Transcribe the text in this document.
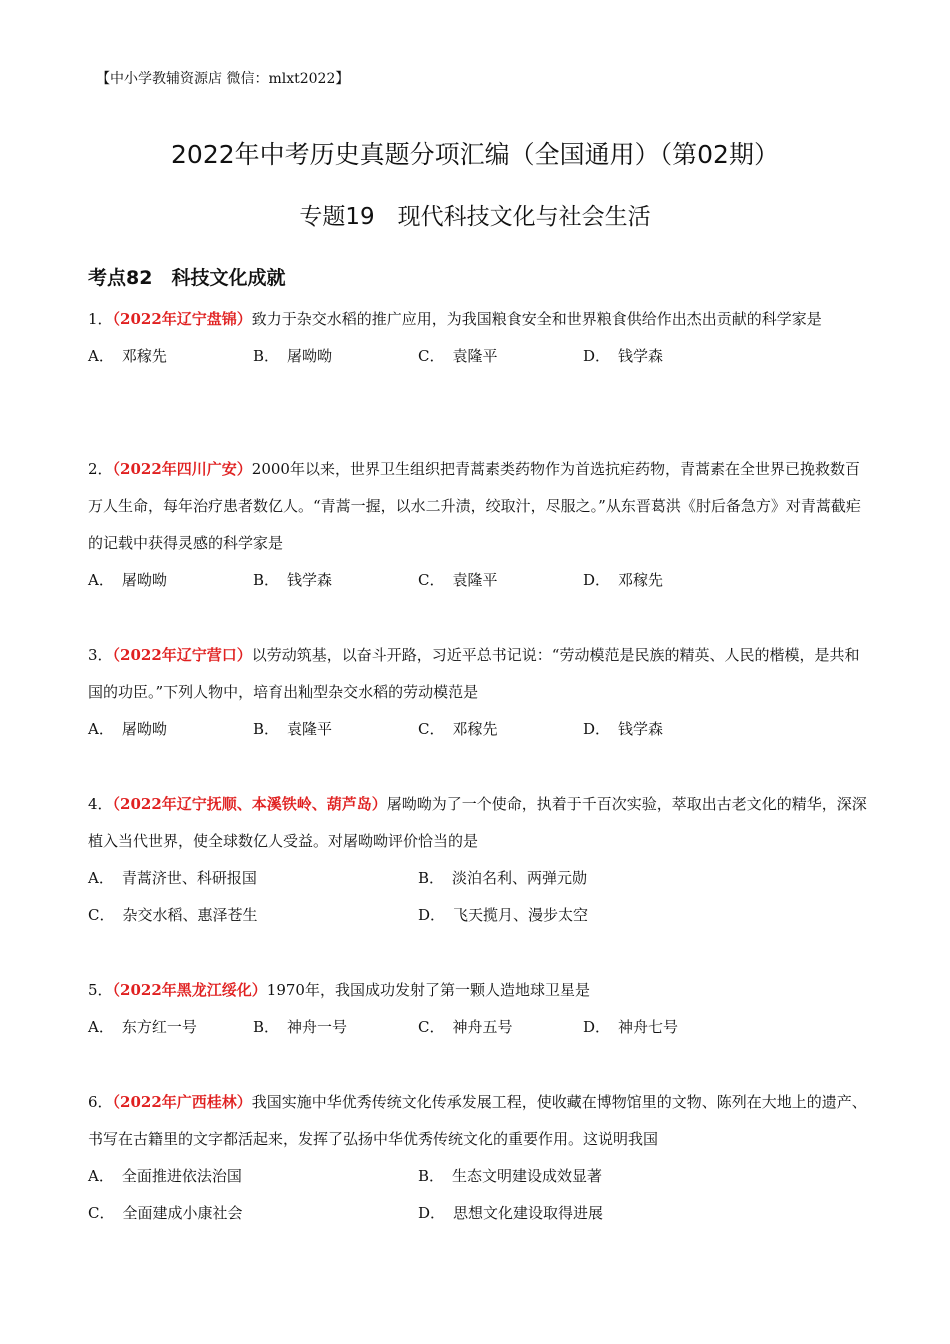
【中小学教辅资源店 微信：mlxt2022】
2022年中考历史真题分项汇编（全国通用）（第02期）
专题19　现代科技文化与社会生活
考点82　科技文化成就

1．（2022年辽宁盘锦）致力于杂交水稻的推广应用，为我国粮食安全和世界粮食供给作出杰出贡献的科学家是

A． 邓稼先	B． 屠呦呦	C． 袁隆平	D． 钱学森

2．（2022年四川广安）2000年以来，世界卫生组织把青蒿素类药物作为首选抗疟药物，青蒿素在全世界已挽救数百万人生命，每年治疗患者数亿人。“青蒿一握，以水二升渍，绞取汁，尽服之。”从东晋葛洪《肘后备急方》对青蒿截疟的记载中获得灵感的科学家是

A． 屠呦呦	B． 钱学森	C． 袁隆平	D． 邓稼先

3．（2022年辽宁营口）以劳动筑基，以奋斗开路，习近平总书记说：“劳动模范是民族的精英、人民的楷模，是共和国的功臣。”下列人物中，培育出籼型杂交水稻的劳动模范是

A． 屠呦呦	B． 袁隆平	C． 邓稼先	D． 钱学森

4．（2022年辽宁抚顺、本溪铁岭、葫芦岛）屠呦呦为了一个使命，执着于千百次实验，萃取出古老文化的精华，深深植入当代世界，使全球数亿人受益。对屠呦呦评价恰当的是

A． 青蒿济世、科研报国	B． 淡泊名利、两弹元勋
C． 杂交水稻、惠泽苍生	D． 飞天揽月、漫步太空

5．（2022年黑龙江绥化）1970年，我国成功发射了第一颗人造地球卫星是

A． 东方红一号	B． 神舟一号	C． 神舟五号	D． 神舟七号

6．（2022年广西桂林）我国实施中华优秀传统文化传承发展工程，使收藏在博物馆里的文物、陈列在大地上的遗产、书写在古籍里的文字都活起来，发挥了弘扬中华优秀传统文化的重要作用。这说明我国

A． 全面推进依法治国	B． 生态文明建设成效显著
C． 全面建成小康社会	D． 思想文化建设取得进展
